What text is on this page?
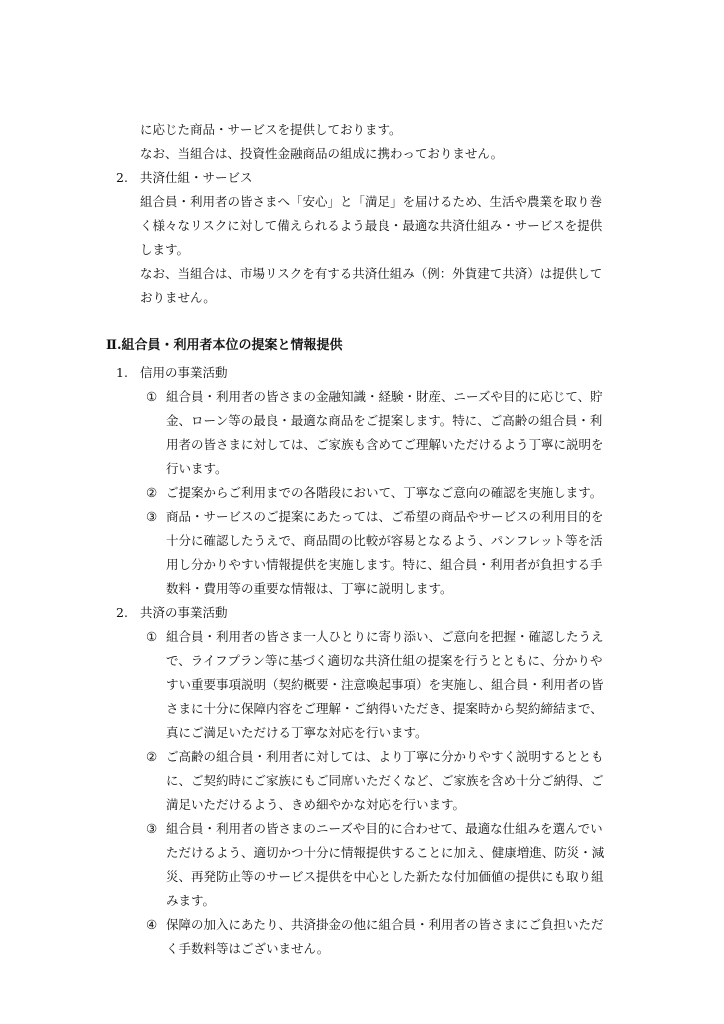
に応じた商品・サービスを提供しております。
なお、当組合は、投資性金融商品の組成に携わっておりません。
2. 共済仕組・サービス
組合員・利用者の皆さまへ「安心」と「満足」を届けるため、生活や農業を取り巻
く様々なリスクに対して備えられるよう最良・最適な共済仕組み・サービスを提供
します。
なお、当組合は、市場リスクを有する共済仕組み（例：外貨建て共済）は提供して
おりません。
Ⅱ.組合員・利用者本位の提案と情報提供
1. 信用の事業活動
① 組合員・利用者の皆さまの金融知識・経験・財産、ニーズや目的に応じて、貯
金、ローン等の最良・最適な商品をご提案します。特に、ご高齢の組合員・利
用者の皆さまに対しては、ご家族も含めてご理解いただけるよう丁寧に説明を
行います。
② ご提案からご利用までの各階段において、丁寧なご意向の確認を実施します。
③ 商品・サービスのご提案にあたっては、ご希望の商品やサービスの利用目的を
十分に確認したうえで、商品間の比較が容易となるよう、パンフレット等を活
用し分かりやすい情報提供を実施します。特に、組合員・利用者が負担する手
数料・費用等の重要な情報は、丁寧に説明します。
2. 共済の事業活動
① 組合員・利用者の皆さま一人ひとりに寄り添い、ご意向を把握・確認したうえ
で、ライフプラン等に基づく適切な共済仕組の提案を行うとともに、分かりや
すい重要事項説明（契約概要・注意喚起事項）を実施し、組合員・利用者の皆
さまに十分に保障内容をご理解・ご納得いただき、提案時から契約締結まで、
真にご満足いただける丁寧な対応を行います。
② ご高齢の組合員・利用者に対しては、より丁寧に分かりやすく説明するととも
に、ご契約時にご家族にもご同席いただくなど、ご家族を含め十分ご納得、ご
満足いただけるよう、きめ細やかな対応を行います。
③ 組合員・利用者の皆さまのニーズや目的に合わせて、最適な仕組みを選んでい
ただけるよう、適切かつ十分に情報提供することに加え、健康増進、防災・減
災、再発防止等のサービス提供を中心とした新たな付加価値の提供にも取り組
みます。
④ 保障の加入にあたり、共済掛金の他に組合員・利用者の皆さまにご負担いただ
く手数料等はございません。
